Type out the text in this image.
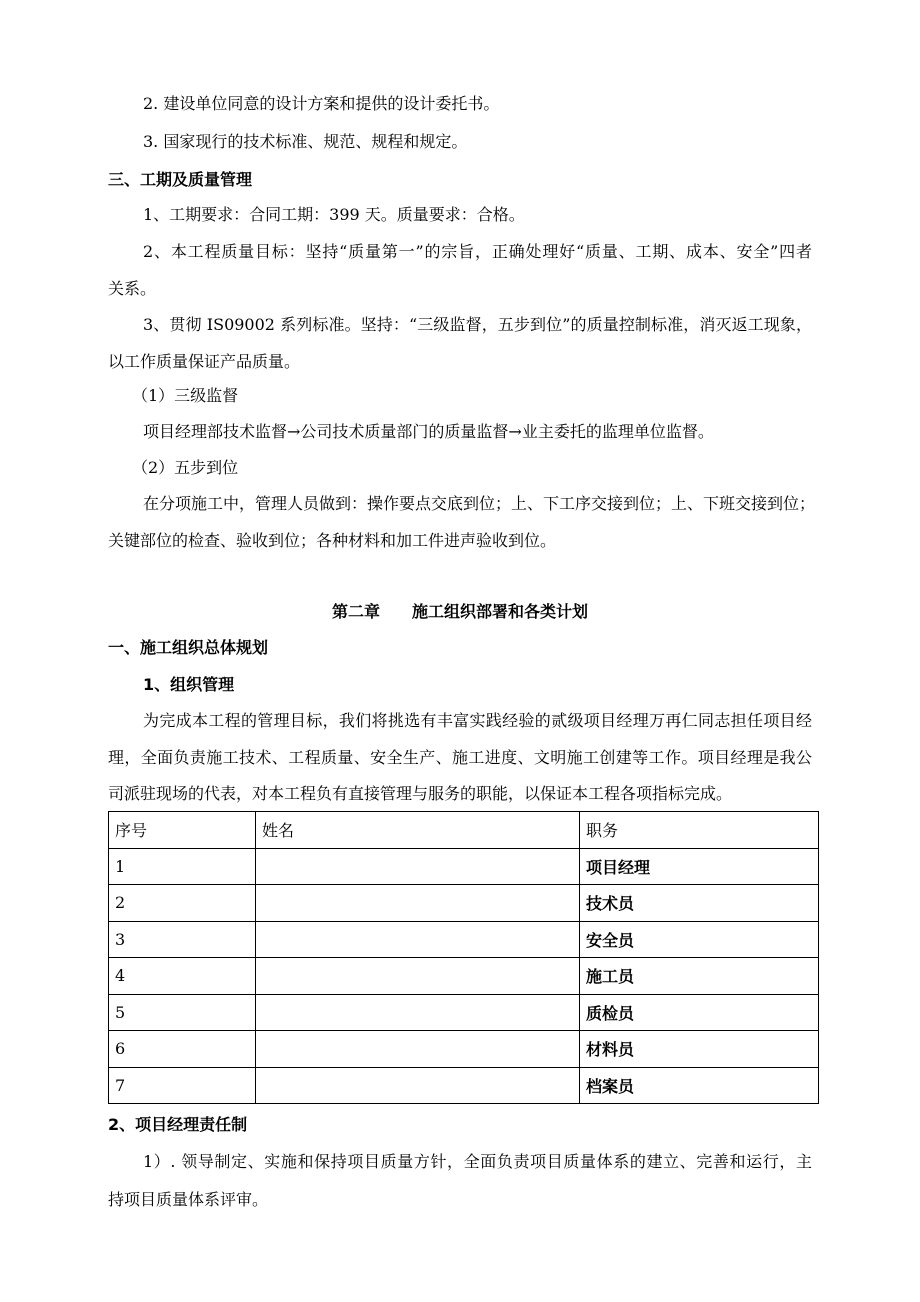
2. 建设单位同意的设计方案和提供的设计委托书。
3. 国家现行的技术标准、规范、规程和规定。
三、工期及质量管理
1、工期要求：合同工期：399 天。质量要求：合格。
2、本工程质量目标：坚持“质量第一”的宗旨，正确处理好“质量、工期、成本、安全”四者
关系。
3、贯彻 IS09002 系列标准。坚持：“三级监督，五步到位”的质量控制标准，消灭返工现象，
以工作质量保证产品质量。
（1）三级监督
项目经理部技术监督→公司技术质量部门的质量监督→业主委托的监理单位监督。
（2）五步到位
在分项施工中，管理人员做到：操作要点交底到位；上、下工序交接到位；上、下班交接到位；
关键部位的检查、验收到位；各种材料和加工件进声验收到位。
第二章　　施工组织部署和各类计划
一、施工组织总体规划
1、组织管理
为完成本工程的管理目标，我们将挑选有丰富实践经验的贰级项目经理万再仁同志担任项目经
理，全面负责施工技术、工程质量、安全生产、施工进度、文明施工创建等工作。项目经理是我公
司派驻现场的代表，对本工程负有直接管理与服务的职能，以保证本工程各项指标完成。
序号	姓名	职务
1		项目经理
2		技术员
3		安全员
4		施工员
5		质检员
6		材料员
7		档案员
2、项目经理责任制
1）. 领导制定、实施和保持项目质量方针，全面负责项目质量体系的建立、完善和运行，主
持项目质量体系评审。
